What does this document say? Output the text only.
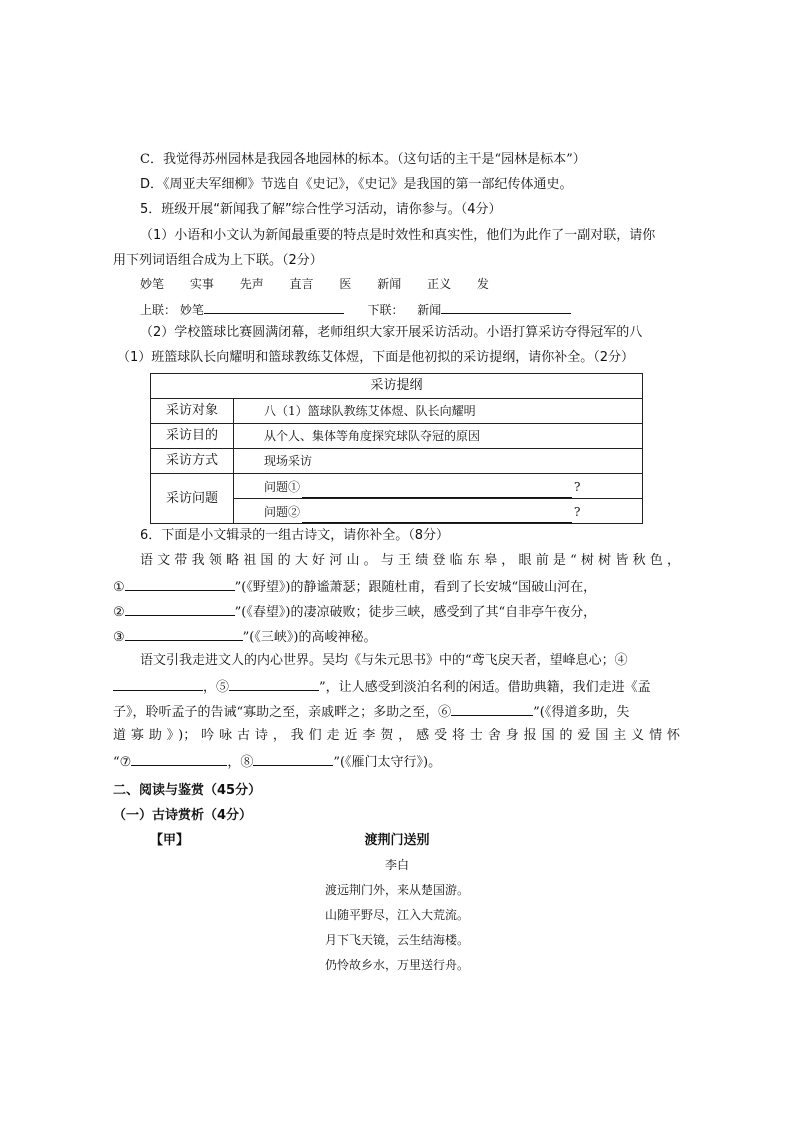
C．我觉得苏州园林是我园各地园林的标本。（这句话的主干是“园林是标本”）
D．《周亚夫军细柳》节选自《史记》，《史记》是我国的第一部纪传体通史。
5．班级开展“新闻我了解”综合性学习活动，请你参与。（4分）
（1）小语和小文认为新闻最重要的特点是时效性和真实性，他们为此作了一副对联，请你
用下列词语组合成为上下联。（2分）
妙笔 实事 先声 直言 医 新闻 正义 发
上联： 妙笔	下联： 新闻
（2）学校篮球比赛圆满闭幕，老师组织大家开展采访活动。小语打算采访夺得冠军的八
（1）班篮球队长向耀明和篮球教练艾体煜，下面是他初拟的采访提纲，请你补全。（2分）
采访提纲	
采访对象	八（1）篮球队教练艾体煜、队长向耀明
采访目的	从个人、集体等角度探究球队夺冠的原因
采访方式	现场采访
采访问题	问题① ?

	问题② ?
6．下面是小文辑录的一组古诗文，请你补全。（8分）
语文带我领略祖国的大好河山。与王绩登临东皋，眼前是“树树皆秋色，
①	”(《野望》)的静谧萧瑟；跟随杜甫，看到了长安城“国破山河在，
②	”(《春望》)的凄凉破败；徒步三峡，感受到了其“自非亭午夜分，
③	”(《三峡》)的高峻神秘。
语文引我走进文人的内心世界。吴均《与朱元思书》中的“鸢飞戾天者，望峰息心；④
，⑤	”，让人感受到淡泊名利的闲适。借助典籍，我们走进《孟
子》，聆听孟子的告诫“寡助之至，亲戚畔之；多助之至，⑥	”(《得道多助，失
道寡助》)；吟咏古诗，我们走近李贺，感受将士舍身报国的爱国主义情怀
“⑦	，⑧	”(《雁门太守行》)。
二、阅读与鉴赏（45分）
（一）古诗赏析（4分）
【甲】	渡荆门送别
李白
渡远荆门外，来从楚国游。
山随平野尽，江入大荒流。
月下飞天镜，云生结海楼。
仍怜故乡水，万里送行舟。
